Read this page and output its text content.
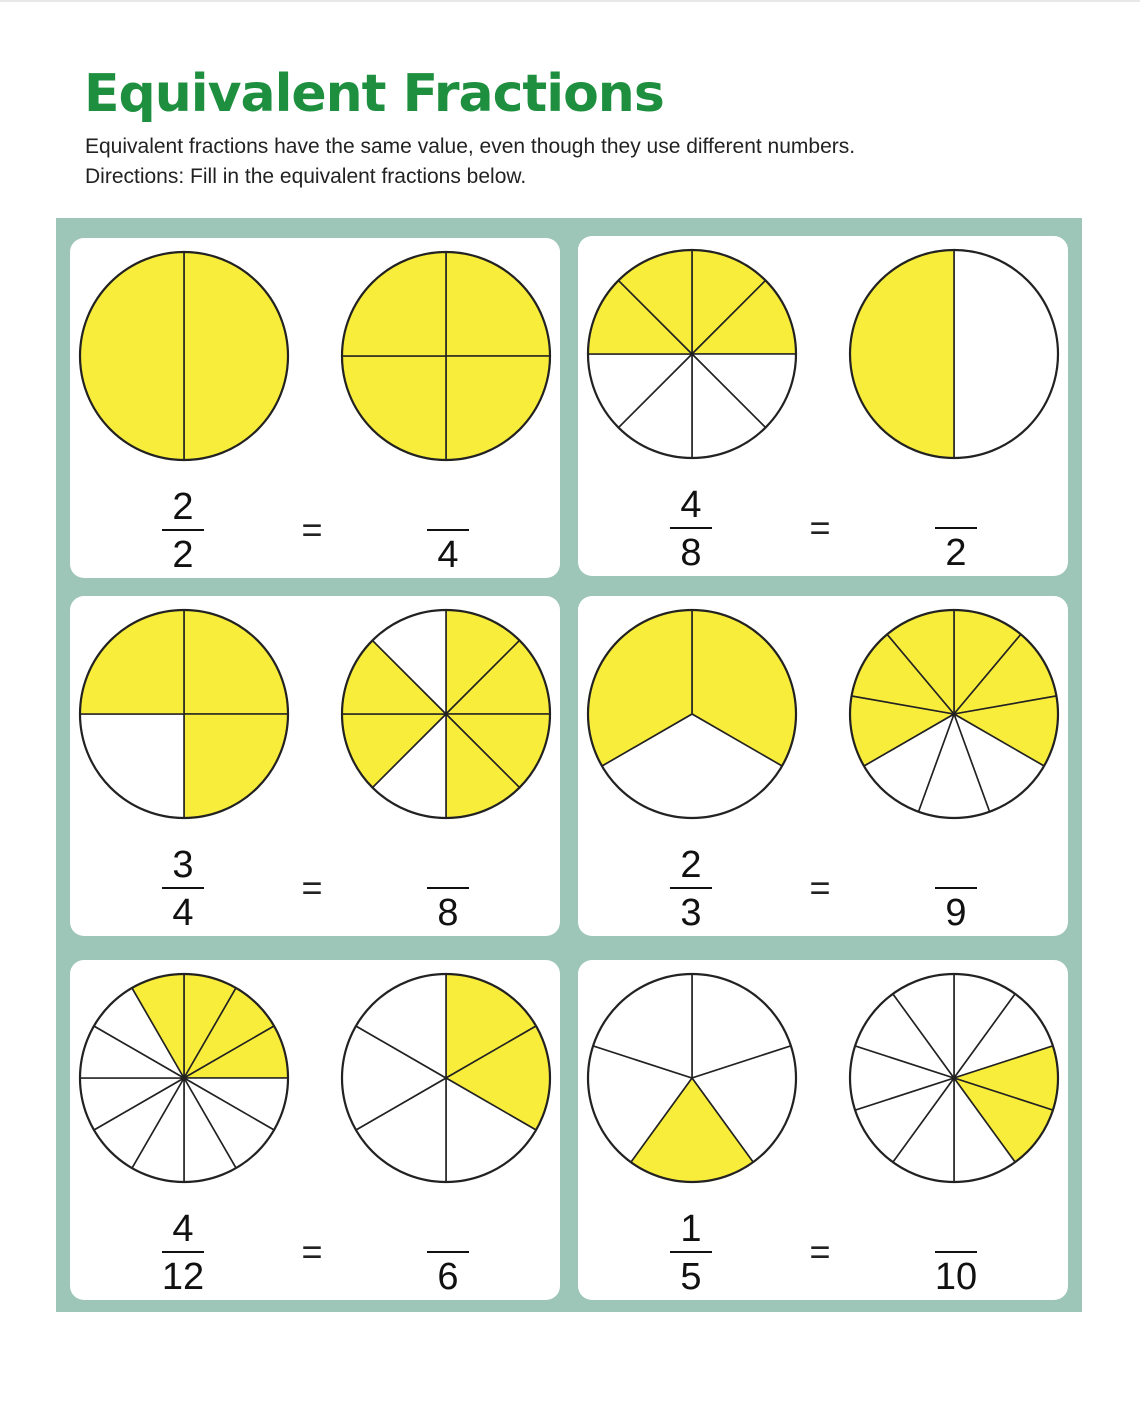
Equivalent Fractions

Equivalent fractions have the same value, even though they use different numbers.

Directions: Fill in the equivalent fractions below.

2
2	4
=
4
8	2
=
3
4	8
=
2
3	9
=
4
12	6
=
1
5	10
=
